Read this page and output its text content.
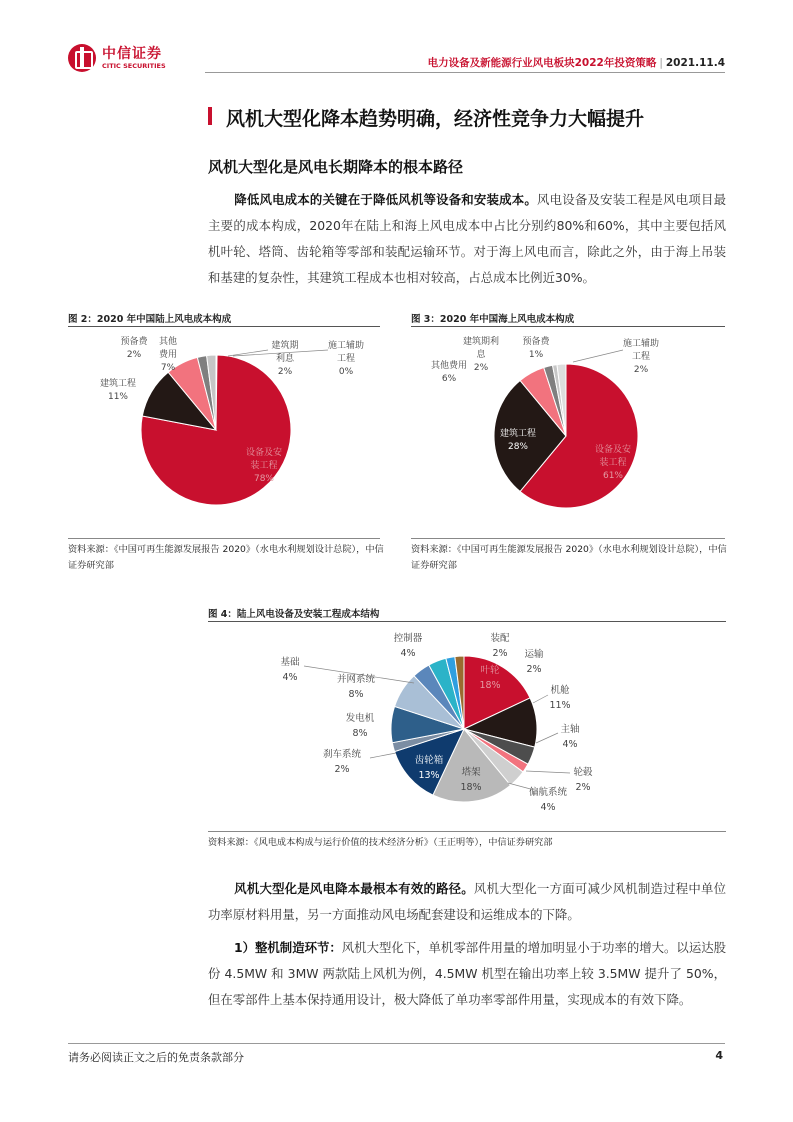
中信证券
CITIC SECURITIES	电力设备及新能源行业风电板块2022年投资策略 | 2021.11.4
风机大型化降本趋势明确，经济性竞争力大幅提升
风机大型化是风电长期降本的根本路径
降低风电成本的关键在于降低风机等设备和安装成本。风电设备及安装工程是风电项目最主要的成本构成，2020年在陆上和海上风电成本中占比分别约80%和60%，其中主要包括风机叶轮、塔筒、齿轮箱等零部和装配运输环节。对于海上风电而言，除此之外，由于海上吊装和基建的复杂性，其建筑工程成本也相对较高，占总成本比例近30%。
图 2：2020 年中国陆上风电成本构成
设备及安
装工程
78%
建筑工程
11%
其他
费用
7%
预备费
2%
建筑期
利息
2%
施工辅助
工程
0%
资料来源：《中国可再生能源发展报告 2020》（水电水利规划设计总院），中信证券研究部
图 3：2020 年中国海上风电成本构成
设备及安
装工程
61%
建筑工程
28%
其他费用
6%
建筑期利
息
2%
预备费
1%
施工辅助
工程
2%
资料来源：《中国可再生能源发展报告 2020》（水电水利规划设计总院），中信证券研究部
图 4：陆上风电设备及安装工程成本结构
叶轮
18%	机舱
11%
主轴
4%
轮毂
2%
偏航系统
4%
塔架
18%
齿轮箱
13%
刹车系统
2%
发电机
8%
并网系统
8%
基础
4%
控制器
4%
装配
2% 运输
2%
资料来源：《风电成本构成与运行价值的技术经济分析》（王正明等），中信证券研究部
风机大型化是风电降本最根本有效的路径。风机大型化一方面可减少风机制造过程中单位功率原材料用量，另一方面推动风电场配套建设和运维成本的下降。
1）整机制造环节：风机大型化下，单机零部件用量的增加明显小于功率的增大。以运达股份 4.5MW 和 3MW 两款陆上风机为例，4.5MW 机型在输出功率上较 3.5MW 提升了 50%，但在零部件上基本保持通用设计，极大降低了单功率零部件用量，实现成本的有效下降。
请务必阅读正文之后的免责条款部分	4
